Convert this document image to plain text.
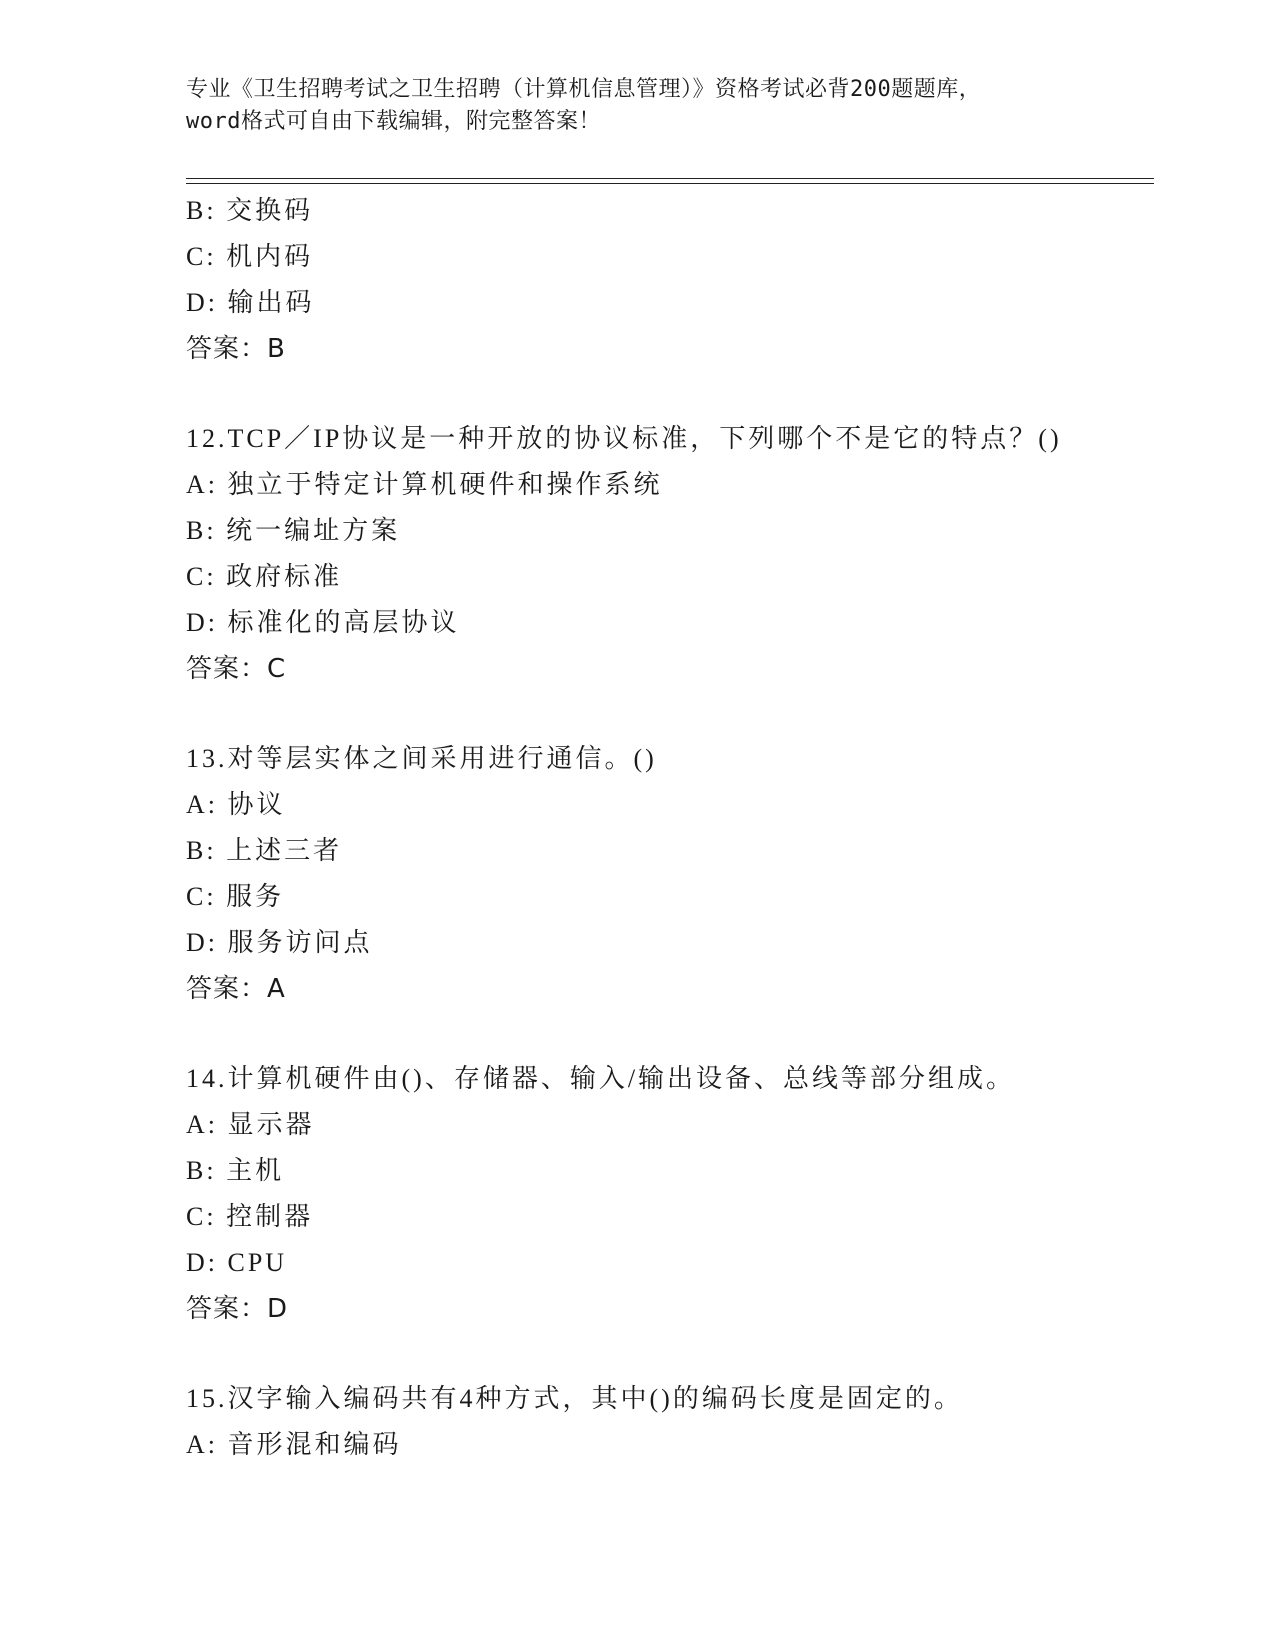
专业《卫生招聘考试之卫生招聘（计算机信息管理）》资格考试必背200题题库，
word格式可自由下载编辑，附完整答案！
B: 交换码
C: 机内码
D: 输出码
答案：B
12.TCP／IP协议是一种开放的协议标准，下列哪个不是它的特点？()
A: 独立于特定计算机硬件和操作系统
B: 统一编址方案
C: 政府标准
D: 标准化的高层协议
答案：C
13.对等层实体之间采用进行通信。()
A: 协议
B: 上述三者
C: 服务
D: 服务访问点
答案：A
14.计算机硬件由()、存储器、输入/输出设备、总线等部分组成。
A: 显示器
B: 主机
C: 控制器
D: CPU
答案：D
15.汉字输入编码共有4种方式，其中()的编码长度是固定的。
A: 音形混和编码
